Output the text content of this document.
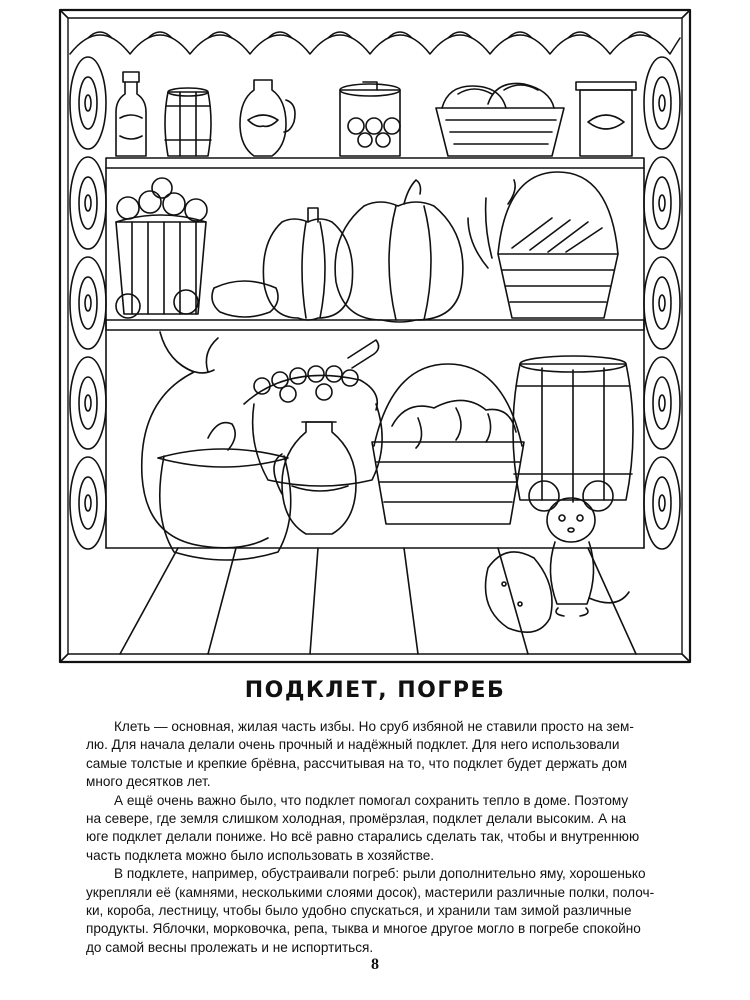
ПОДКЛЕТ, ПОГРЕБ
Клеть — основная, жилая часть избы. Но сруб избяной не ставили просто на зем-
лю. Для начала делали очень прочный и надёжный подклет. Для него использовали
самые толстые и крепкие брёвна, рассчитывая на то, что подклет будет держать дом
много десятков лет.
А ещё очень важно было, что подклет помогал сохранить тепло в доме. Поэтому
на севере, где земля слишком холодная, промёрзлая, подклет делали высоким. А на
юге подклет делали пониже. Но всё равно старались сделать так, чтобы и внутреннюю
часть подклета можно было использовать в хозяйстве.
В подклете, например, обустраивали погреб: рыли дополнительно яму, хорошенько
укрепляли её (камнями, несколькими слоями досок), мастерили различные полки, полоч-
ки, короба, лестницу, чтобы было удобно спускаться, и хранили там зимой различные
продукты. Яблочки, морковочка, репа, тыква и многое другое могло в погребе спокойно
до самой весны пролежать и не испортиться.
8
